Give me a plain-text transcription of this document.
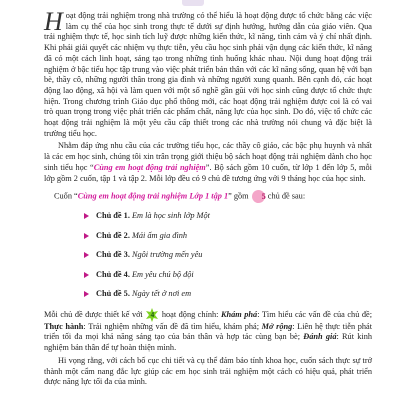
Hoạt động trải nghiệm trong nhà trường có thể hiểu là hoạt động được tổ chức bằng các việc làm cụ thể của học sinh trong thực tế dưới sự định hướng, hướng dẫn của giáo viên. Qua trải nghiệm thực tế, học sinh tích luỹ được những kiến thức, kĩ năng, tình cảm và ý chí nhất định. Khi phải giải quyết các nhiệm vụ thực tiễn, yêu cầu học sinh phải vận dụng các kiến thức, kĩ năng đã có một cách linh hoạt, sáng tạo trong những tình huống khác nhau. Nội dung hoạt động trải nghiệm ở bậc tiểu học tập trung vào việc phát triển bản thân với các kĩ năng sống, quan hệ với bạn bè, thầy cô, những người thân trong gia đình và những người xung quanh. Bên cạnh đó, các hoạt động lao động, xã hội và làm quen với một số nghề gần gũi với học sinh cũng được tổ chức thực hiện. Trong chương trình Giáo dục phổ thông mới, các hoạt động trải nghiệm được coi là có vai trò quan trọng trong việc phát triển các phẩm chất, năng lực của học sinh. Do đó, việc tổ chức các hoạt động trải nghiệm là một yêu cầu cấp thiết trong các nhà trường nói chung và đặc biệt là trường tiểu học.

Nhằm đáp ứng nhu cầu của các trường tiểu học, các thầy cô giáo, các bậc phụ huynh và nhất là các em học sinh, chúng tôi xin trân trọng giới thiệu bộ sách hoạt động trải nghiệm dành cho học sinh tiểu học “Cùng em hoạt động trải nghiệm”. Bộ sách gồm 10 cuốn, từ lớp 1 đến lớp 5, mỗi lớp gồm 2 cuốn, tập 1 và tập 2. Mỗi lớp đều có 9 chủ đề tương ứng với 9 tháng học của học sinh.

Cuốn “Cùng em hoạt động trải nghiệm Lớp 1 tập 1” gồm 5 chủ đề sau:

Chủ đề 1. Em là học sinh lớp Một
Chủ đề 2. Mái ấm gia đình
Chủ đề 3. Ngôi trường mến yêu
Chủ đề 4. Em yêu chú bộ đội
Chủ đề 5. Ngày tết ở nơi em

Mỗi chủ đề được thiết kế với	4 hoạt động chính: Khám phá: Tìm hiểu các vấn đề của chủ đề; Thực hành: Trải nghiệm những vấn đề đã tìm hiểu, khám phá; Mở rộng: Liên hệ thực tiễn phát triển tối đa mọi khả năng sáng tạo của bản thân và hợp tác cùng bạn bè; Đánh giá: Rút kinh nghiệm bản thân để tự hoàn thiện mình.

Hi vọng rằng, với cách bố cục chi tiết và cụ thể đảm bảo tính khoa học, cuốn sách thực sự trở thành một cẩm nang đắc lực giúp các em học sinh trải nghiệm một cách có hiệu quả, phát triển được năng lực tối đa của mình.
